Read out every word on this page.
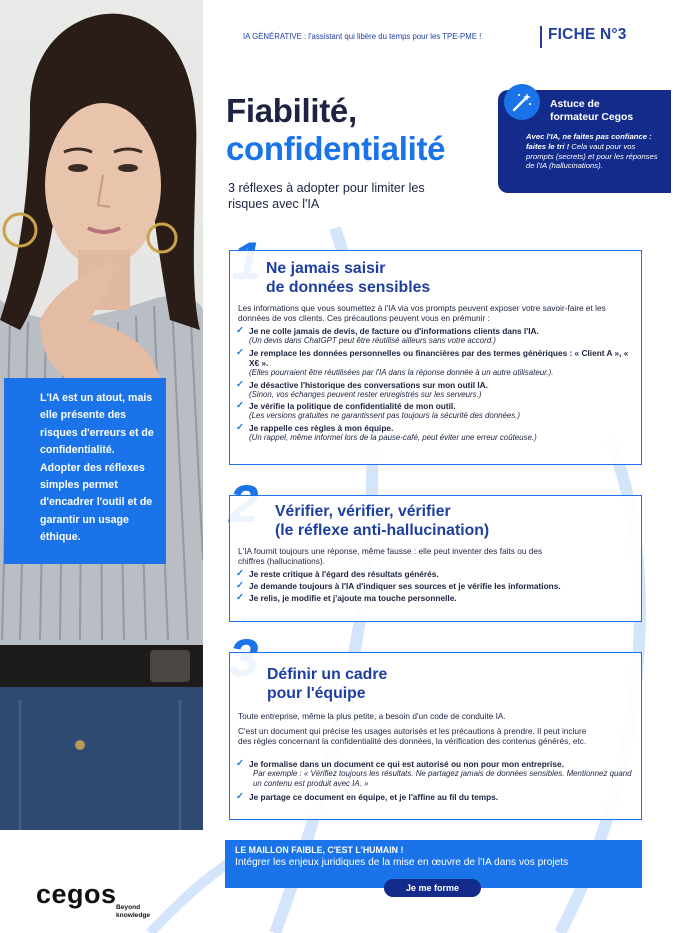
L'IA est un atout, mais elle présente des risques d'erreurs et de confidentialité. Adopter des réflexes simples permet d'encadrer l'outil et de garantir un usage éthique.
IA GÉNÉRATIVE : l'assistant qui libère du temps pour les TPE-PME !	FICHE N°3
Fiabilité,
confidentialité
3 réflexes à adopter pour limiter les risques avec l'IA
Astuce de
formateur Cegos
Avec l'IA, ne faites pas confiance : faites le tri ! Cela vaut pour vos prompts (secrets) et pour les réponses de l'IA (hallucinations).
Ne jamais saisir
de données sensibles
Les informations que vous soumettez à l'IA via vos prompts peuvent exposer votre savoir-faire et les données de vos clients. Ces précautions peuvent vous en prémunir :
✓ Je ne colle jamais de devis, de facture ou d'informations clients dans l'IA.
(Un devis dans ChatGPT peut être réutilisé ailleurs sans votre accord.)
✓ Je remplace les données personnelles ou financières par des termes génériques : « Client A », « X€ ».
(Elles pourraient être réutilisées par l'IA dans la réponse donnée à un autre utilisateur.).
✓ Je désactive l'historique des conversations sur mon outil IA.
(Sinon, vos échanges peuvent rester enregistrés sur les serveurs.)
✓ Je vérifie la politique de confidentialité de mon outil.
(Les versions gratuites ne garantissent pas toujours la sécurité des données.)
✓ Je rappelle ces règles à mon équipe.
(Un rappel, même informel lors de la pause-café, peut éviter une erreur coûteuse.)
Vérifier, vérifier, vérifier
(le réflexe anti-hallucination)
L'IA fournit toujours une réponse, même fausse : elle peut inventer des faits ou des chiffres (hallucinations).
✓ Je reste critique à l'égard des résultats générés.
✓ Je demande toujours à l'IA d'indiquer ses sources et je vérifie les informations.
✓ Je relis, je modifie et j'ajoute ma touche personnelle.
Définir un cadre
pour l'équipe
Toute entreprise, même la plus petite, a besoin d'un code de conduite IA.
C'est un document qui précise les usages autorisés et les précautions à prendre. Il peut inclure des règles concernant la confidentialité des données, la vérification des contenus générés, etc.
✓ Je formalise dans un document ce qui est autorisé ou non pour mon entreprise.
Par exemple : « Vérifiez toujours les résultats. Ne partagez jamais de données sensibles. Mentionnez quand un contenu est produit avec IA. »
✓ Je partage ce document en équipe, et je l'affine au fil du temps.
LE MAILLON FAIBLE, C'EST L'HUMAIN !
Intégrer les enjeux juridiques de la mise en œuvre de l'IA dans vos projets
Je me forme
cegos Beyond
knowledge
